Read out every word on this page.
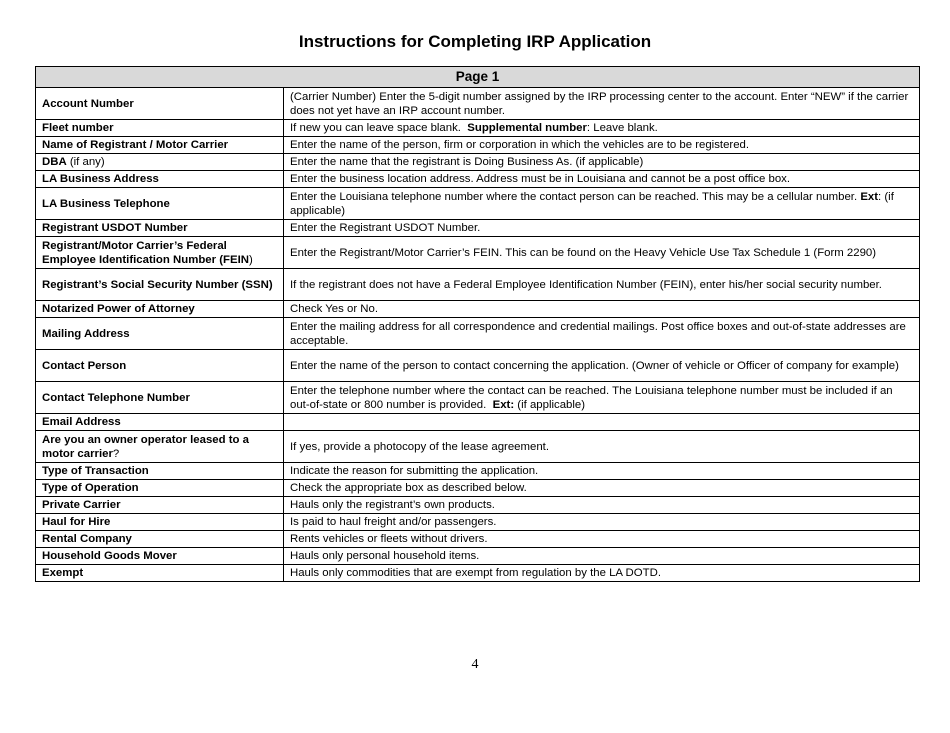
Instructions for Completing IRP Application
Page 1	
Account Number	(Carrier Number) Enter the 5-digit number assigned by the IRP processing center to the account. Enter “NEW” if the carrier does not yet have an IRP account number.
Fleet number	If new you can leave space blank.  Supplemental number: Leave blank.
Name of Registrant / Motor Carrier	Enter the name of the person, firm or corporation in which the vehicles are to be registered.
DBA (if any)	Enter the name that the registrant is Doing Business As. (if applicable)
LA Business Address	Enter the business location address. Address must be in Louisiana and cannot be a post office box.
LA Business Telephone	Enter the Louisiana telephone number where the contact person can be reached. This may be a cellular number. Ext: (if applicable)
Registrant USDOT Number	Enter the Registrant USDOT Number.
Registrant/Motor Carrier’s Federal Employee Identification Number (FEIN)	Enter the Registrant/Motor Carrier’s FEIN. This can be found on the Heavy Vehicle Use Tax Schedule 1 (Form 2290)
Registrant’s Social Security Number (SSN)	If the registrant does not have a Federal Employee Identification Number (FEIN), enter his/her social security number.
Notarized Power of Attorney	Check Yes or No.
Mailing Address	Enter the mailing address for all correspondence and credential mailings. Post office boxes and out-of-state addresses are acceptable.
Contact Person	Enter the name of the person to contact concerning the application. (Owner of vehicle or Officer of company for example)
Contact Telephone Number	Enter the telephone number where the contact can be reached. The Louisiana telephone number must be included if an out-of-state or 800 number is provided.  Ext: (if applicable)
Email Address	
Are you an owner operator leased to a motor carrier?	If yes, provide a photocopy of the lease agreement.
Type of Transaction	Indicate the reason for submitting the application.
Type of Operation	Check the appropriate box as described below.
Private Carrier	Hauls only the registrant’s own products.
Haul for Hire	Is paid to haul freight and/or passengers.
Rental Company	Rents vehicles or fleets without drivers.
Household Goods Mover	Hauls only personal household items.
Exempt	Hauls only commodities that are exempt from regulation by the LA DOTD.
4
